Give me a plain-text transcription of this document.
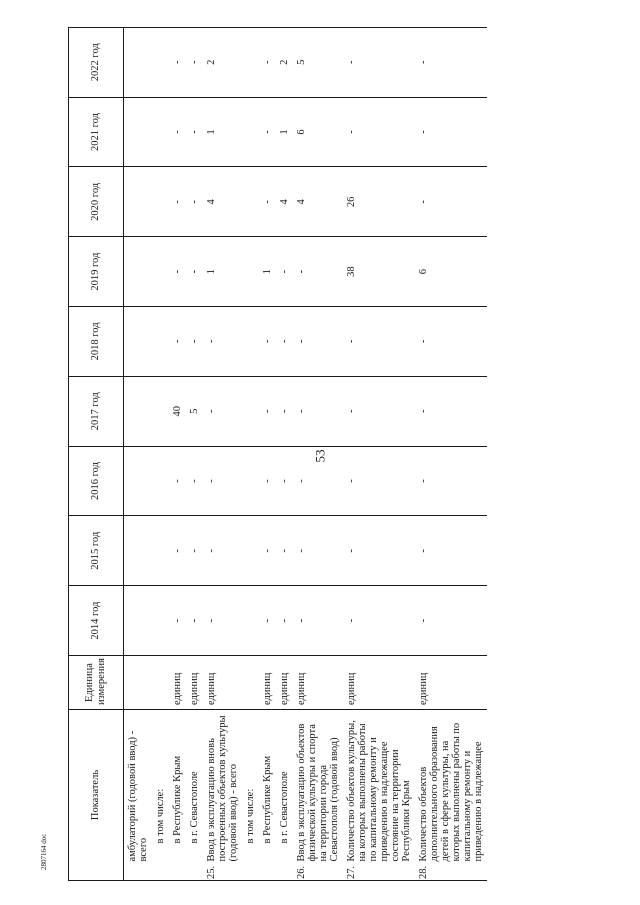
53
2807164 doc
Показатель		Единица измерения	2014 год	2015 год	2016 год	2017 год	2018 год	2019 год	2020 год	2021 год	2022 год
	амбулаторий (годовой ввод) - всего										
	в том числе:										
	в Республике Крым	единиц	-	-	-	40	-	-	-	-	-
	в г. Севастополе	единиц	-	-	-	5	-	-	-	-	-
25.	Ввод в эксплуатацию вновь построенных объектов культуры (годовой ввод) - всего	единиц	-	-	-	-	-	1	4	1	2
	в том числе:										
	в Республике Крым	единиц	-	-	-	-	-	1	-	-	-
	в г. Севастополе	единиц	-	-	-	-	-	-	4	1	2
26.	Ввод в эксплуатацию объектов физической культуры и спорта на территории города Севастополя (годовой ввод)	единиц	-	-	-	-	-	-	4	6	5
27.	Количество объектов культуры, на которых выполнены работы по капитальному ремонту и приведению в надлежащее состояние на территории Республики Крым	единиц	-	-	-	-	-	38	26	-	-
28.	Количество объектов дополнительного образования детей в сфере культуры, на которых выполнены работы по капитальному ремонту и приведению в надлежащее	единиц	-	-	-	-	-	6	-	-	-
